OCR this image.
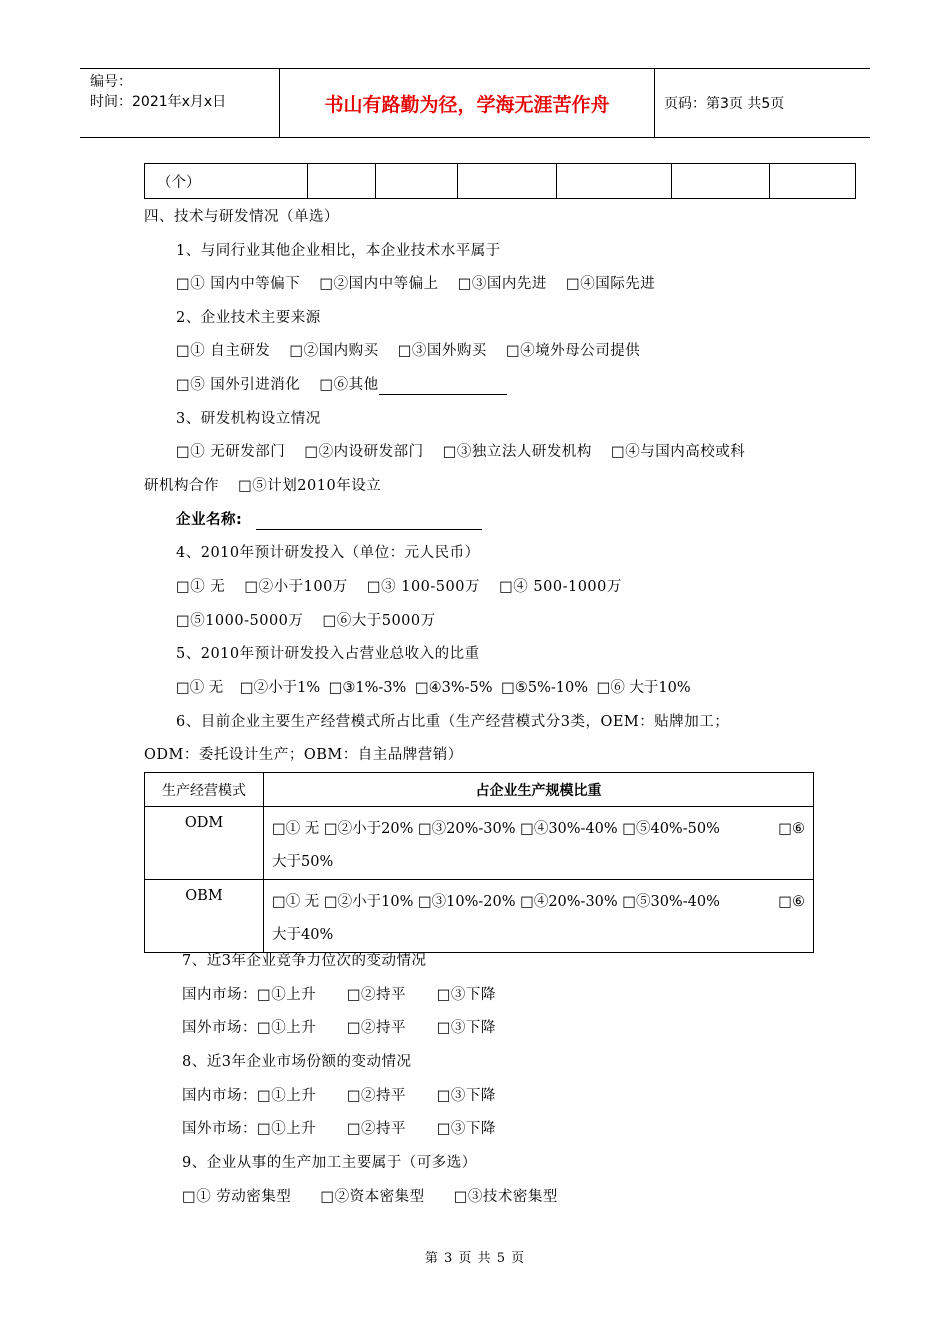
编号：
时间：2021年x月x日	书山有路勤为径，学海无涯苦作舟	页码：第3页 共5页
（个）						
四、技术与研发情况（单选）
1、与同行业其他企业相比，本企业技术水平属于
□① 国内中等偏下 □②国内中等偏上 □③国内先进 □④国际先进
2、企业技术主要来源
□① 自主研发 □②国内购买 □③国外购买 □④境外母公司提供
□⑤ 国外引进消化 □⑥其他
3、研发机构设立情况
□① 无研发部门 □②内设研发部门 □③独立法人研发机构 □④与国内高校或科
研机构合作 □⑤计划2010年设立
企业名称:
4、2010年预计研发投入（单位：元人民币）
□① 无 □②小于100万 □③ 100-500万 □④ 500-1000万
□⑤1000-5000万 □⑥大于5000万
5、2010年预计研发投入占营业总收入的比重
□① 无 □②小于1% □③1%-3% □④3%-5% □⑤5%-10% □⑥ 大于10%
6、目前企业主要生产经营模式所占比重（生产经营模式分3类，OEM：贴牌加工；
ODM：委托设计生产；OBM：自主品牌营销）
生产经营模式	占企业生产规模比重
ODM	□① 无 □②小于20% □③20%-30% □④30%-40% □⑤40%-50% □⑥
大于50%

OBM	□① 无 □②小于10% □③10%-20% □④20%-30% □⑤30%-40% □⑥
大于40%
7、近3年企业竞争力位次的变动情况
国内市场：□①上升      □②持平      □③下降
国外市场：□①上升      □②持平      □③下降
8、近3年企业市场份额的变动情况
国内市场：□①上升      □②持平      □③下降
国外市场：□①上升      □②持平      □③下降
9、企业从事的生产加工主要属于（可多选）
□① 劳动密集型 □②资本密集型 □③技术密集型
第 3 页 共 5 页
